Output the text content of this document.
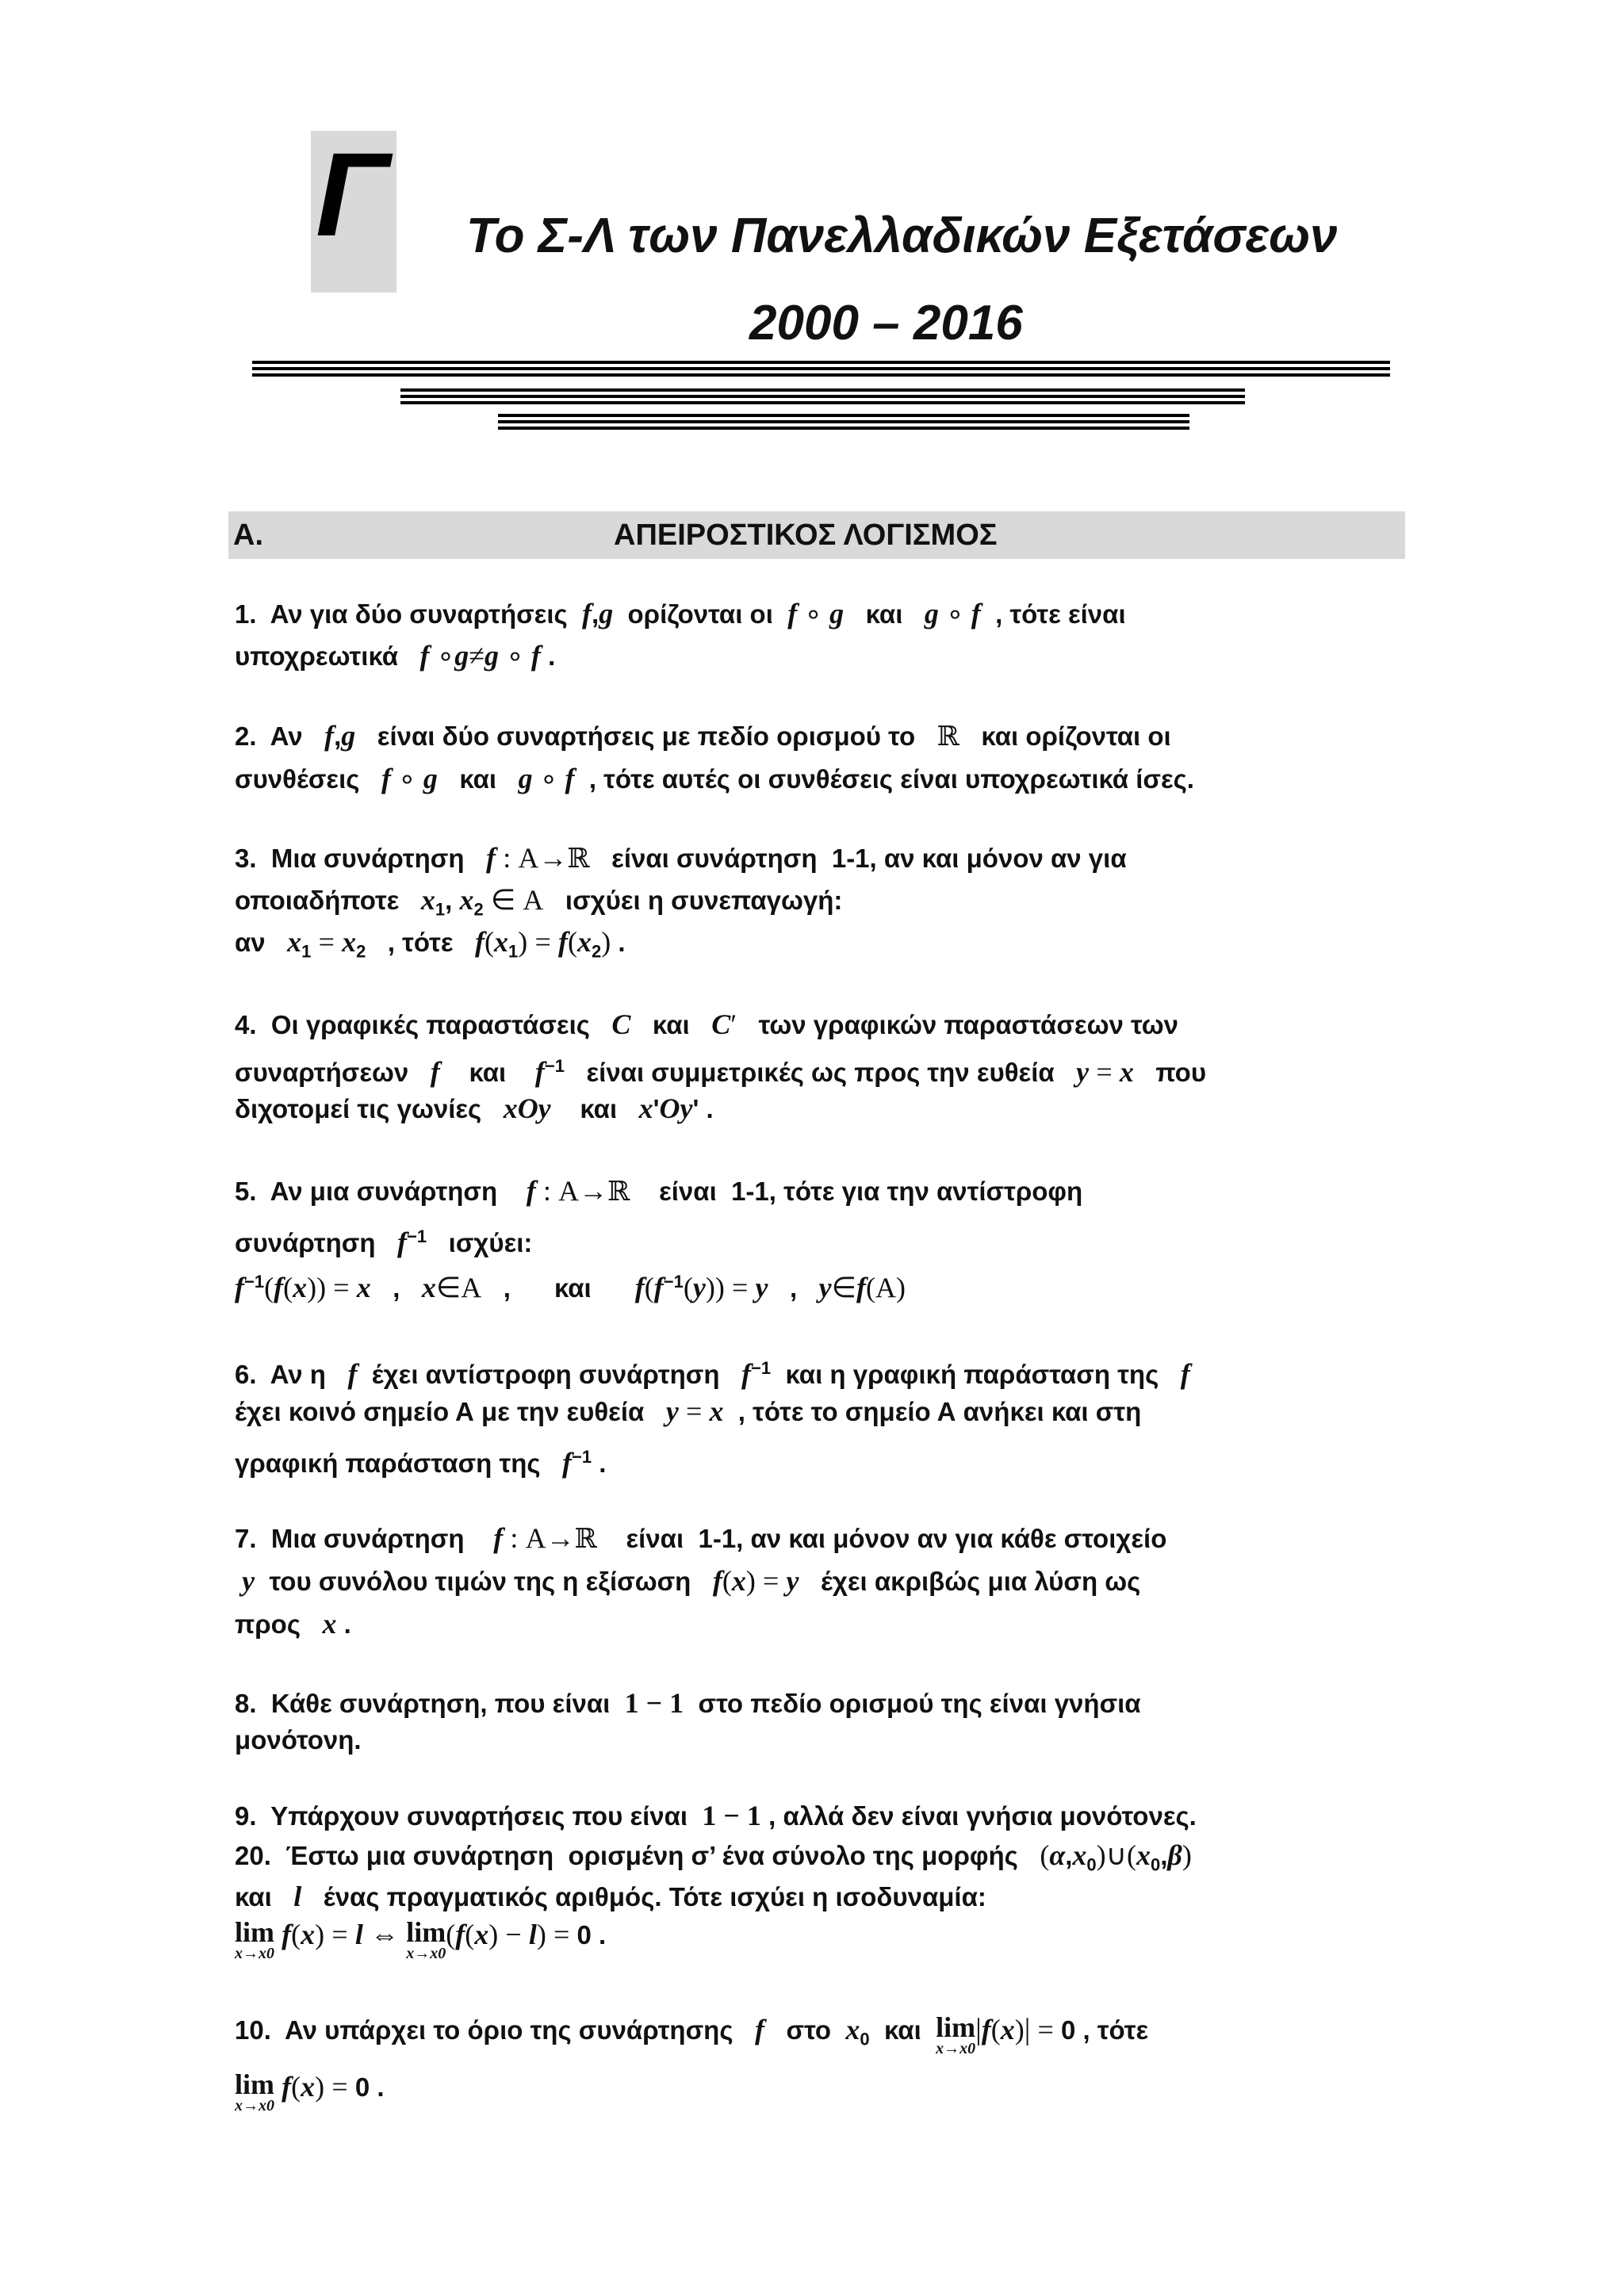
Γ Το Σ-Λ των Πανελλαδικών Εξετάσεων
2000 – 2016
Α.	ΑΠΕΙΡΟΣΤΙΚΟΣ ΛΟΓΙΣΜΟΣ
1.  Αν για δύο συναρτήσεις  f,g  ορίζονται οι  f ∘ g   και   g ∘ f  , τότε είναι
υποχρεωτικά   f ∘g≠g ∘ f .
2.  Αν   f,g   είναι δύο συναρτήσεις με πεδίο ορισμού το   ℝ   και ορίζονται οι
συνθέσεις   f ∘ g   και   g ∘ f  , τότε αυτές οι συνθέσεις είναι υποχρεωτικά ίσες.
3.  Μια συνάρτηση   f : Α→ℝ   είναι συνάρτηση  1-1, αν και μόνον αν για
οποιαδήποτε   $x_1$, $x_2$ ∈ Α   ισχύει η συνεπαγωγή:
αν   $x_1 = x_2$   , τότε   $f(x_1) = f(x_2)$ .
4.  Οι γραφικές παραστάσεις   C   και   C′   των γραφικών παραστάσεων των
συναρτήσεων   f    και    $f^{-1}$   είναι συμμετρικές ως προς την ευθεία   y = x   που
διχοτομεί τις γωνίες   xOy    και   x'Oy' .
5.  Αν μια συνάρτηση    f : Α→ℝ    είναι  1-1, τότε για την αντίστροφη
συνάρτηση   $f^{-1}$   ισχύει:
$f^{-1}(f(x)) = x$   ,   x∈Α   ,      και      $f(f^{-1}(y)) = y$   ,   y∈f(Α)
6.  Αν η   f  έχει αντίστροφη συνάρτηση   $f^{-1}$  και η γραφική παράσταση της   f
έχει κοινό σημείο Α με την ευθεία   y = x  , τότε το σημείο Α ανήκει και στη
γραφική παράσταση της   $f^{-1}$ .
7.  Μια συνάρτηση    f : Α→ℝ    είναι  1-1, αν και μόνον αν για κάθε στοιχείο
y  του συνόλου τιμών της η εξίσωση   f(x) = y   έχει ακριβώς μια λύση ως
προς   x .
8.  Κάθε συνάρτηση, που είναι  1 − 1  στο πεδίο ορισμού της είναι γνήσια
μονότονη.
9.  Υπάρχουν συναρτήσεις που είναι  1 − 1 , αλλά δεν είναι γνήσια μονότονες.
20.  Έστω μια συνάρτηση  ορισμένη σ’ ένα σύνολο της μορφής   $(\alpha,x_0)\cup(x_0,\beta)$
και   l   ένας πραγματικός αριθμός. Τότε ισχύει η ισοδυναμία:
lim
x→x0
f(x) = l ⇔ lim
x→x0
(f(x) − l) = 0 .
10.  Αν υπάρχει το όριο της συνάρτησης   f   στο  $x_0$  και  lim
x→x0
|f(x)| = 0 , τότε
lim
x→x0
f(x) = 0 .
